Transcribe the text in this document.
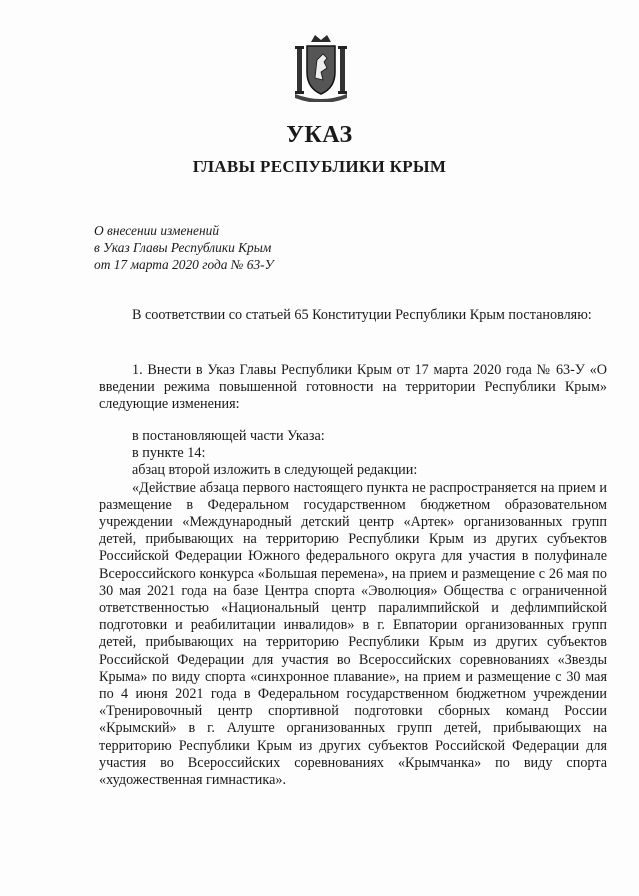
УКАЗ
ГЛАВЫ РЕСПУБЛИКИ КРЫМ
О внесении изменений
в Указ Главы Республики Крым
от 17 марта 2020 года № 63-У

В соответствии со статьей 65 Конституции Республики Крым постановляю:

1. Внести в Указ Главы Республики Крым от 17 марта 2020 года № 63-У «О введении режима повышенной готовности на территории Республики Крым» следующие изменения:

в постановляющей части Указа:
в пункте 14:
абзац второй изложить в следующей редакции:

«Действие абзаца первого настоящего пункта не распространяется на прием и размещение в Федеральном государственном бюджетном образовательном учреждении «Международный детский центр «Артек» организованных групп детей, прибывающих на территорию Республики Крым из других субъектов Российской Федерации Южного федерального округа для участия в полуфинале Всероссийского конкурса «Большая перемена», на прием и размещение с 26 мая по 30 мая 2021 года на базе Центра спорта «Эволюция» Общества с ограниченной ответственностью «Национальный центр паралимпийской и дефлимпийской подготовки и реабилитации инвалидов» в г. Евпатории организованных групп детей, прибывающих на территорию Республики Крым из других субъектов Российской Федерации для участия во Всероссийских соревнованиях «Звезды Крыма» по виду спорта «синхронное плавание», на прием и размещение с 30 мая по 4 июня 2021 года в Федеральном государственном бюджетном учреждении «Тренировочный центр спортивной подготовки сборных команд России «Крымский» в г. Алуште организованных групп детей, прибывающих на территорию Республики Крым из других субъектов Российской Федерации для участия во Всероссийских соревнованиях «Крымчанка» по виду спорта «художественная гимнастика».
